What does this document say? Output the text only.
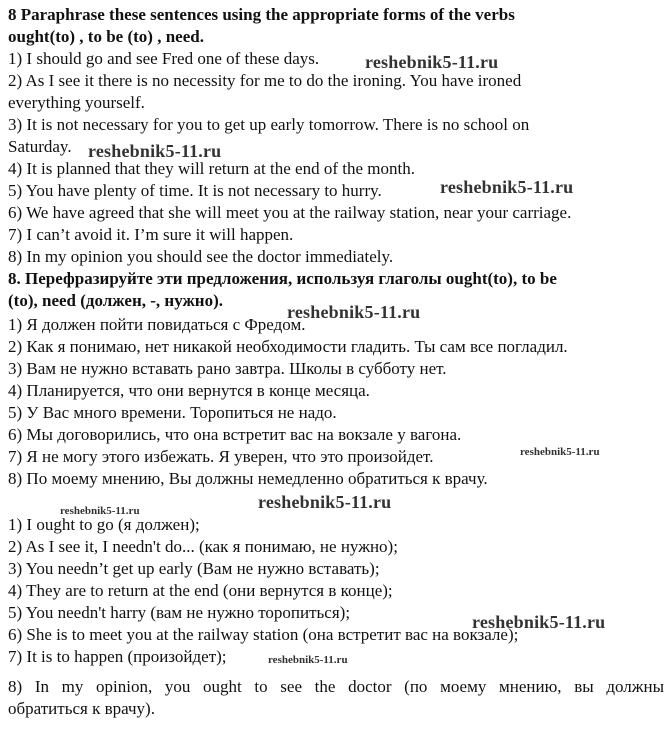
8 Paraphrase these sentences using the appropriate forms of the verbs
ought(to) , to be (to) , need.
1) I should go and see Fred one of these days.
2) As I see it there is no necessity for me to do the ironing. You have ironed
everything yourself.
3) It is not necessary for you to get up early tomorrow. There is no school on
Saturday.
4) It is planned that they will return at the end of the month.
5) You have plenty of time. It is not necessary to hurry.
6) We have agreed that she will meet you at the railway station, near your carriage.
7) I can’t avoid it. I’m sure it will happen.
8) In my opinion you should see the doctor immediately.
8. Перефразируйте эти предложения, используя глаголы ought(to), to be
(to), need (должен, -, нужно).
1) Я должен пойти повидаться с Фредом.
2) Как я понимаю, нет никакой необходимости гладить. Ты сам все погладил.
3) Вам не нужно вставать рано завтра. Школы в субботу нет.
4) Планируется, что они вернутся в конце месяца.
5) У Вас много времени. Торопиться не надо.
6) Мы договорились, что она встретит вас на вокзале у вагона.
7) Я не могу этого избежать. Я уверен, что это произойдет.
8) По моему мнению, Вы должны немедленно обратиться к врачу.
1) I ought to go (я должен);
2) As I see it, I needn't do... (как я понимаю, не нужно);
3) You needn’t get up early (Вам не нужно вставать);
4) They are to return at the end (они вернутся в конце);
5) You needn't harry (вам не нужно торопиться);
6) She is to meet you at the railway station (она встретит вас на вокзале);
7) It is to happen (произойдет);
8) In my opinion, you ought to see the doctor (по моему мнению, вы должны
обратиться к врачу).
reshebnik5-11.ru
reshebnik5-11.ru
reshebnik5-11.ru
reshebnik5-11.ru
reshebnik5-11.ru
reshebnik5-11.ru
reshebnik5-11.ru
reshebnik5-11.ru
reshebnik5-11.ru
